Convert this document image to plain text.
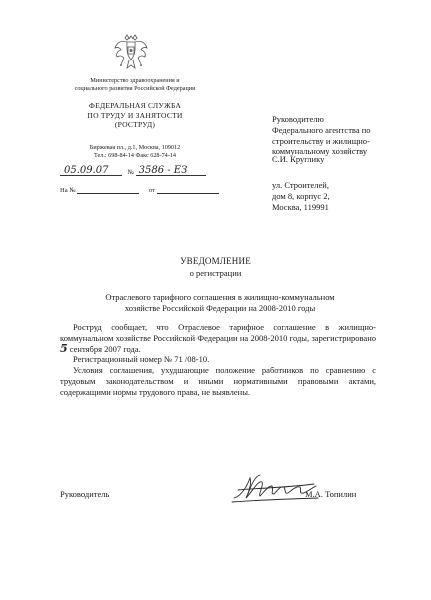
Министерство здравоохранения и
социального развития Российской Федерации
ФЕДЕРАЛЬНАЯ СЛУЖБА
ПО ТРУДУ И ЗАНЯТОСТИ
(РОСТРУД)
Биржевая пл., д.1, Москва, 109012
Тел.: 698-84-14 Факс 628-74-14
05.09.07	№ 3586 - ЕЗ
На №	от
Руководителю
Федерального агентства по
строительству и жилищно-
коммунальному хозяйству
С.И. Круглику
ул. Строителей,
дом 8, корпус 2,
Москва, 119991
УВЕДОМЛЕНИЕ
о регистрации
Отраслевого тарифного соглашения в жилищно-коммунальном
хозяйстве Российской Федерации на 2008-2010 годы

Роструд сообщает, что Отраслевое тарифное соглашение в жилищно-коммунальном хозяйстве Российской Федерации на 2008-2010 годы, зарегистрировано 5 сентября 2007 года.

Регистрационный номер № 71 /08-10.

Условия соглашения, ухудшающие положение работников по сравнению с трудовым законодательством и иными нормативными правовыми актами, содержащими нормы трудового права, не выявлены.

Руководитель	М.А. Топилин
